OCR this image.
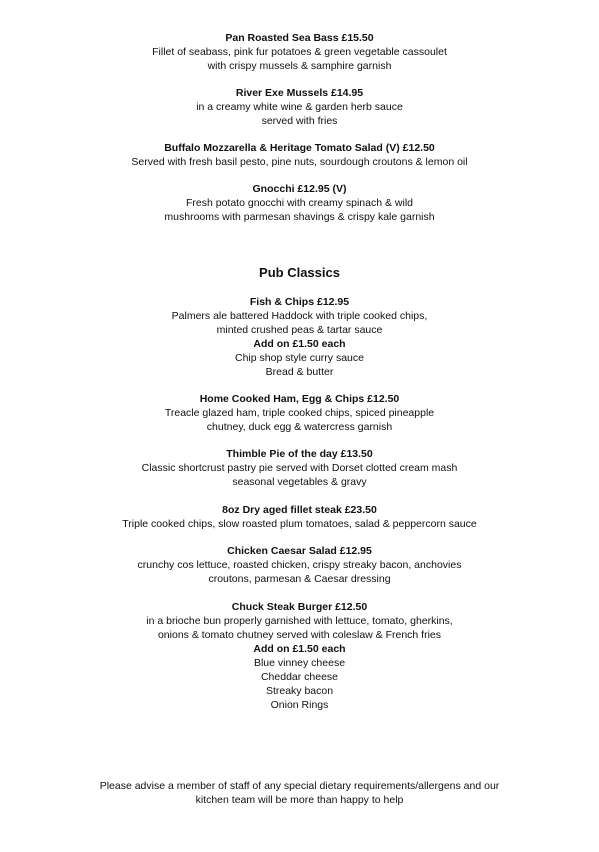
Pan Roasted Sea Bass £15.50
Fillet of seabass, pink fur potatoes & green vegetable cassoulet
with crispy mussels & samphire garnish
River Exe Mussels £14.95
in a creamy white wine & garden herb sauce
served with fries
Buffalo Mozzarella & Heritage Tomato Salad (V) £12.50
Served with fresh basil pesto, pine nuts, sourdough croutons & lemon oil
Gnocchi £12.95 (V)
Fresh potato gnocchi with creamy spinach & wild
mushrooms with parmesan shavings & crispy kale garnish
Pub Classics
Fish & Chips £12.95
Palmers ale battered Haddock with triple cooked chips,
minted crushed peas & tartar sauce
Add on £1.50 each
Chip shop style curry sauce
Bread & butter
Home Cooked Ham, Egg & Chips £12.50
Treacle glazed ham, triple cooked chips, spiced pineapple
chutney, duck egg & watercress garnish
Thimble Pie of the day £13.50
Classic shortcrust pastry pie served with Dorset clotted cream mash
seasonal vegetables & gravy
8oz Dry aged fillet steak £23.50
Triple cooked chips, slow roasted plum tomatoes, salad & peppercorn sauce
Chicken Caesar Salad £12.95
crunchy cos lettuce, roasted chicken, crispy streaky bacon, anchovies
croutons, parmesan & Caesar dressing
Chuck Steak Burger £12.50
in a brioche bun properly garnished with lettuce, tomato, gherkins,
onions & tomato chutney served with coleslaw & French fries
Add on £1.50 each
Blue vinney cheese
Cheddar cheese
Streaky bacon
Onion Rings
Please advise a member of staff of any special dietary requirements/allergens and our
kitchen team will be more than happy to help
